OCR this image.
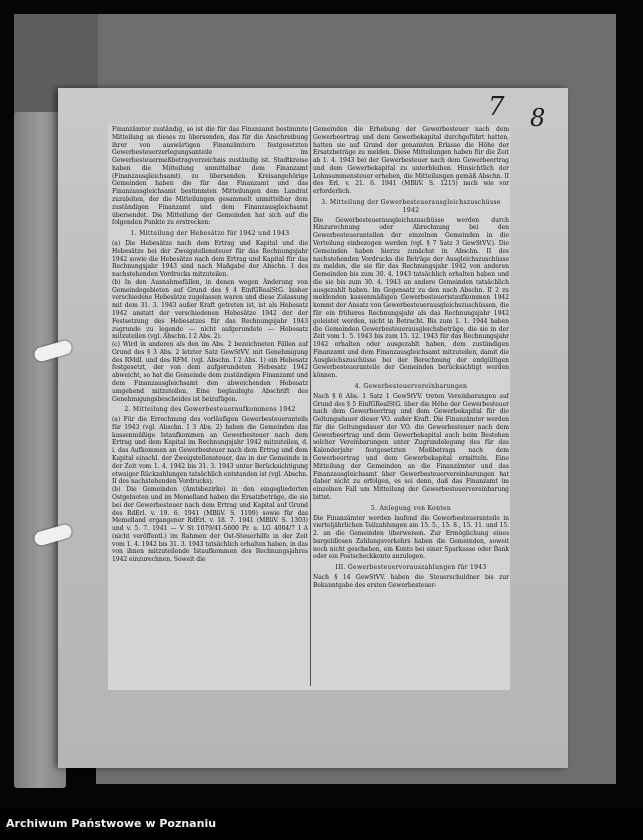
Finanzämter zuständig, so ist die für das Finanzamt bestimmte Mitteilung an dieses zu übersenden, das für die Anschreibung ihrer von auswärtigen Finanzämtern festgesetzten Gewerbesteuerzerlegungsanteile im Gewerbesteuermeßbetragverzeichnis zuständig ist. Stadtkreise haben die Mitteilung unmittelbar dem Finanzamt (Finanzausgleichsamt) zu übersenden. Kreisangehörige Gemeinden haben die für das Finanzamt und das Finanzausgleichsamt bestimmten Mitteilungen dem Landrat zuzuleiten, der die Mitteilungen gesammelt unmittelbar dem zuständigen Finanzamt und dem Finanzausgleichsamt übersendet. Die Mitteilung der Gemeinden hat sich auf die folgenden Punkte zu erstrecken:

1. Mitteilung der Hebesätze für 1942 und 1943

(a) Die Hebesätze nach dem Ertrag und Kapital und die Hebesätze bei der Zweigstellensteuer für das Rechnungsjahr 1942 sowie die Hebesätze nach dem Ertrag und Kapital für das Rechnungsjahr 1943 sind nach Maßgabe der Abschn. I des nachstehenden Vordrucks mitzuteilen.

(b) In den Ausnahmefällen, in denen wegen Änderung von Gemeindegebieten auf Grund des § 4 EinfGRealStG. bisher verschiedene Hebesätze zugelassen waren und diese Zulassung mit dem 31. 3. 1943 außer Kraft getreten ist, ist als Hebesatz 1942 anstatt der verschiedenen Hebesätze 1942 der der Festsetzung des Hebesatzes für das Rechnungsjahr 1943 zugrunde zu legende — nicht aufgerundete — Hebesatz mitzuteilen (vgl. Abschn. I 2 Abs. 2).

(c) Wird in anderen als den im Abs. 2 bezeichneten Fällen auf Grund des § 3 Abs. 2 letzter Satz GewStVV. mit Genehmigung des RMdI. und des RFM. (vgl. Abschn. I 2 Abs. 1) ein Hebesatz festgesetzt, der von dem aufgerundeten Hebesatz 1942 abweicht, so hat die Gemeinde dem zuständigen Finanzamt und dem Finanzausgleichsamt den abweichenden Hebesatz umgehend mitzuteilen. Eine beglaubigte Abschrift des Genehmigungsbescheides ist beizufügen.

2. Mitteilung des Gewerbesteueraufkommens 1942

(a) Für die Errechnung des vorläufigen Gewerbesteueranteils für 1943 (vgl. Abschn. I 3 Abs. 2) haben die Gemeinden das kassenmäßige Istaufkommen an Gewerbesteuer nach dem Ertrag und dem Kapital im Rechnungsjahr 1942 mitzuteilen, d. i. das Aufkommen an Gewerbesteuer nach dem Ertrag und dem Kapital einschl. der Zweigstellensteuer, das in der Gemeinde in der Zeit vom 1. 4. 1942 bis 31. 3. 1943 unter Berücksichtigung etwaiger Rückzahlungen tatsächlich entstanden ist (vgl. Abschn. II des nachstehenden Vordrucks).

(b) Die Gemeinden (Amtsbezirke) in den eingegliederten Ostgebieten und im Memelland haben die Ersatzbeträge, die sie bei der Gewerbesteuer nach dem Ertrag und Kapital auf Grund des RdErl. v. 19. 6. 1941 (MBliV. S. 1199) sowie für das Memelland ergangener RdErl. v. 18. 7. 1941 (MBliV. S. 1303) und v. 5. 7. 1941 — V St 1079/41-5600 Pr. u. LG 4004/7 I A (nicht veröffentl.) im Rahmen der Ost-Steuerhilfe in der Zeit vom 1. 4. 1942 bis 31. 3. 1943 tatsächlich erhalten haben, in das von ihnen mitzuteilende Istaufkommen des Rechnungsjahres 1942 einzurechnen. Soweit die

Gemeinden die Erhebung der Gewerbesteuer nach dem Gewerbeertrag und dem Gewerbekapital durchgeführt hatten, hatten sie auf Grund der genannten Erlasse die Höhe der Ersatzbeträge zu melden. Diese Mitteilungen haben für die Zeit ab 1. 4. 1943 bei der Gewerbesteuer nach dem Gewerbeertrag und dem Gewerbekapital zu unterbleiben. Hinsichtlich der Lohnsummensteuer erheben, die Mitteilungen gemäß Abschn. II des Erl. v. 21. 6. 1941 (MBliV. S. 1215) nach wie vor erforderlich.

3. Mitteilung der Gewerbesteuerausgleichszuschüsse 1942

Die Gewerbesteuerausgleichszuschüsse werden durch Hinzurechnung oder Abrechnung bei den Gewerbesteueranteilen der einzelnen Gemeinden in die Verteilung einbezogen werden (vgl. § 7 Satz 3 GewStVV.). Die Gemeinden haben hierzu zunächst in Abschn. II des nachstehenden Vordrucks die Beträge der Ausgleichszuschüsse zu melden, die sie für das Rechnungsjahr 1942 von anderen Gemeinden bis zum 30. 4. 1943 tatsächlich erhalten haben und die sie bis zum 30. 4. 1943 an andere Gemeinden tatsächlich ausgezahlt haben. Im Gegensatz zu den nach Abschn. II 2 zu meldenden kassenmäßigen Gewerbesteueristaufkommen 1942 kommt der Ansatz von Gewerbesteuerausgleichszuschüssen, die für ein früheres Rechnungsjahr als das Rechnungsjahr 1942 geleistet werden, nicht in Betracht. Bis zum 1. 1. 1944 haben die Gemeinden Gewerbesteuerausgleichsbeträge, die sie in der Zeit vom 1. 5. 1943 bis zum 15. 12. 1943 für das Rechnungsjahr 1942 erhalten oder ausgezahlt haben, dem zuständigen Finanzamt und dem Finanzausgleichsamt mitzuteilen, damit die Ausgleichszuschüsse bei der Berechnung der endgültigen Gewerbesteueranteile der Gemeinden berücksichtigt werden können.

4. Gewerbesteuervereinbarungen

Nach § 6 Abs. 1 Satz 1 GewStVV. treten Vereinbarungen auf Grund des § 5 EinfGRealStG. über die Höhe der Gewerbesteuer nach dem Gewerbeertrag und dem Gewerbekapital für die Geltungsdauer dieser VO. außer Kraft. Die Finanzämter werden für die Geltungsdauer der VO. die Gewerbesteuer nach dem Gewerbeertrag und dem Gewerbekapital auch beim Bestehen solcher Vereinbarungen unter Zugrundelegung des für das Kalenderjahr festgesetzten Meßbetrags nach dem Gewerbeertrag und dem Gewerbekapital ermitteln. Eine Mitteilung der Gemeinden an die Finanzämter und das Finanzausgleichsamt über Gewerbesteuervereinbarungen hat daher nicht zu erfolgen, es sei denn, daß das Finanzamt im einzelnen Fall um Mitteilung der Gewerbesteuervereinbarung bittet.

5. Anlegung von Konten

Die Finanzämter werden laufend die Gewerbesteueranteile in vierteljährlichen Teilzahlungen am 15. 5., 15. 8., 15. 11. und 15. 2. an die Gemeinden überweisen. Zur Ermöglichung eines bargeldlosen Zahlungsverkehrs haben die Gemeinden, soweit noch nicht geschehen, ein Konto bei einer Sparkasse oder Bank oder ein Postscheckkonto anzulegen.

III. Gewerbesteuervorauszahlungen für 1943

Nach § 14 GewStVV. haben die Steuerschuldner bis zur Bekanntgabe des ersten Gewerbesteuer-

7 8
Archiwum Państwowe w Poznaniu
